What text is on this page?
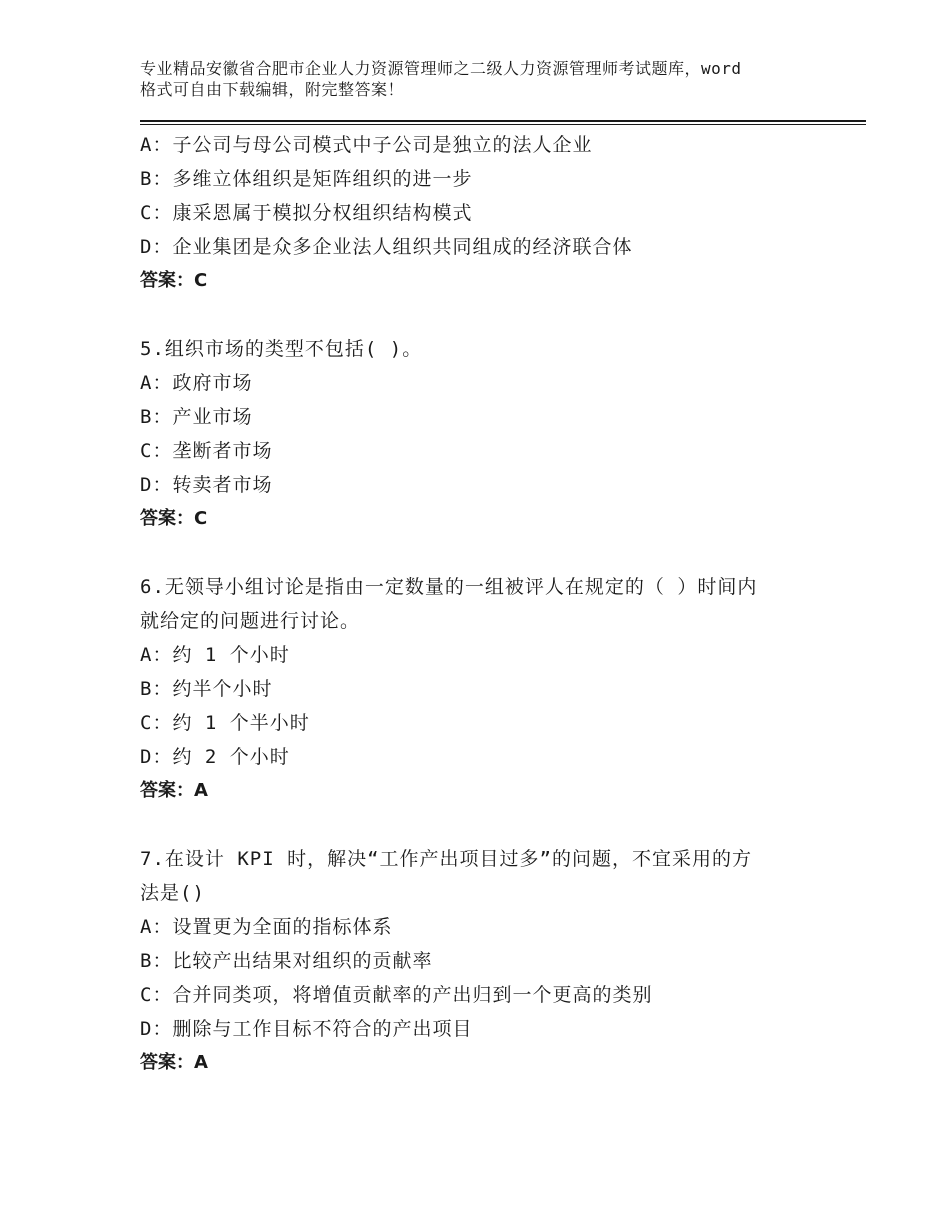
专业精品安徽省合肥市企业人力资源管理师之二级人力资源管理师考试题库，word
格式可自由下载编辑，附完整答案！

A：子公司与母公司模式中子公司是独立的法人企业

B：多维立体组织是矩阵组织的进一步

C：康采恩属于模拟分权组织结构模式

D：企业集团是众多企业法人组织共同组成的经济联合体

答案：C

5.组织市场的类型不包括( )。

A：政府市场

B：产业市场

C：垄断者市场

D：转卖者市场

答案：C

6.无领导小组讨论是指由一定数量的一组被评人在规定的（ ）时间内

就给定的问题进行讨论。

A：约 1 个小时

B：约半个小时

C：约 1 个半小时

D：约 2 个小时

答案：A

7.在设计 KPI 时，解决“工作产出项目过多”的问题，不宜采用的方

法是()

A：设置更为全面的指标体系

B：比较产出结果对组织的贡献率

C：合并同类项，将增值贡献率的产出归到一个更高的类别

D：删除与工作目标不符合的产出项目

答案：A
